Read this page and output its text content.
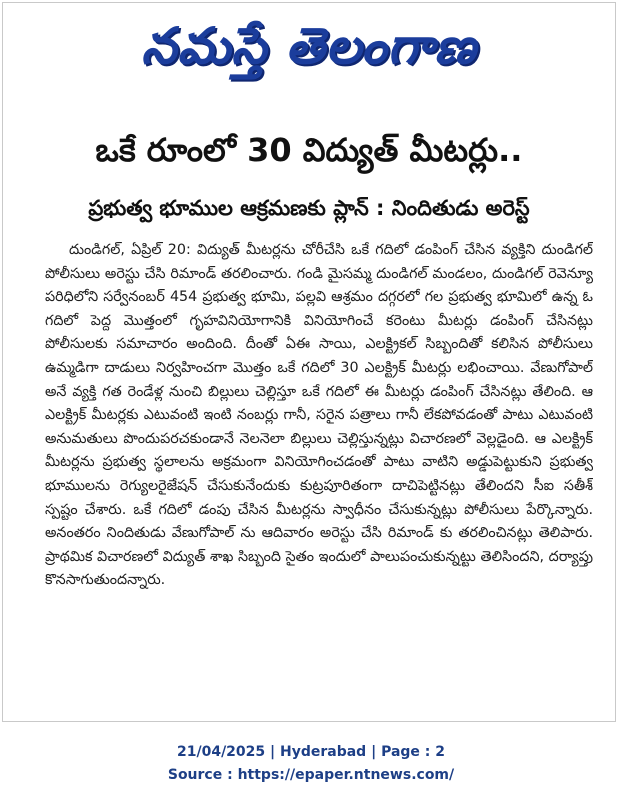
నమస్తే తెలంగాణ
ఒకే రూంలో 30 విద్యుత్ మీటర్లు..
ప్రభుత్వ భూముల ఆక్రమణకు ప్లాన్ : నిందితుడు అరెస్ట్

దుండిగల్, ఏప్రిల్ 20: విద్యుత్ మీటర్లను చోరీచేసి ఒకే గదిలో డంపింగ్ చేసిన వ్యక్తిని దుండిగల్ పోలీసులు అరెస్టు చేసి రిమాండ్ తరలించారు. గండి మైసమ్మ దుండిగల్ మండలం, దుండిగల్ రెవెన్యూ పరిధిలోని సర్వేనంబర్ 454 ప్రభుత్వ భూమి, పల్లవి ఆశ్రమం దగ్గరలో గల ప్రభుత్వ భూమిలో ఉన్న ఓ గదిలో పెద్ద మొత్తంలో గృహవినియోగానికి వినియోగించే కరెంటు మీటర్లు డంపింగ్ చేసినట్లు పోలీసులకు సమాచారం అందింది. దీంతో ఏఈ సాయి, ఎలక్ట్రికల్ సిబ్బందితో కలిసిన పోలీసులు ఉమ్మడిగా దాడులు నిర్వహించగా మొత్తం ఒకే గదిలో 30 ఎలక్ట్రిక్ మీటర్లు లభించాయి. వేణుగోపాల్ అనే వ్యక్తి గత రెండేళ్ల నుంచి బిల్లులు చెల్లిస్తూ ఒకే గదిలో ఈ మీటర్లు డంపింగ్ చేసినట్లు తేలింది. ఆ ఎలక్ట్రిక్ మీటర్లకు ఎటువంటి ఇంటి నంబర్లు గానీ, సరైన పత్రాలు గానీ లేకపోవడంతో పాటు ఎటువంటి అనుమతులు పొందుపరచకుండానే నెలనెలా బిల్లులు చెల్లిస్తున్నట్లు విచారణలో వెల్లడైంది. ఆ ఎలక్ట్రిక్ మీటర్లను ప్రభుత్వ స్థలాలను అక్రమంగా వినియోగించడంతో పాటు వాటిని అడ్డుపెట్టుకుని ప్రభుత్వ భూములను రెగ్యులరైజేషన్ చేసుకునేందుకు కుట్రపూరితంగా దాచిపెట్టినట్లు తేలిందని సీఐ సతీశ్ స్పష్టం చేశారు. ఒకే గదిలో డంపు చేసిన మీటర్లను స్వాధీనం చేసుకున్నట్లు పోలీసులు పేర్కొన్నారు. అనంతరం నిందితుడు వేణుగోపాల్ ను ఆదివారం అరెస్టు చేసి రిమాండ్ కు తరలించినట్లు తెలిపారు. ప్రాథమిక విచారణలో విద్యుత్ శాఖ సిబ్బంది సైతం ఇందులో పాలుపంచుకున్నట్టు తెలిసిందని, దర్యాప్తు కొనసాగుతుందన్నారు.

21/04/2025 | Hyderabad | Page : 2
Source : https://epaper.ntnews.com/
